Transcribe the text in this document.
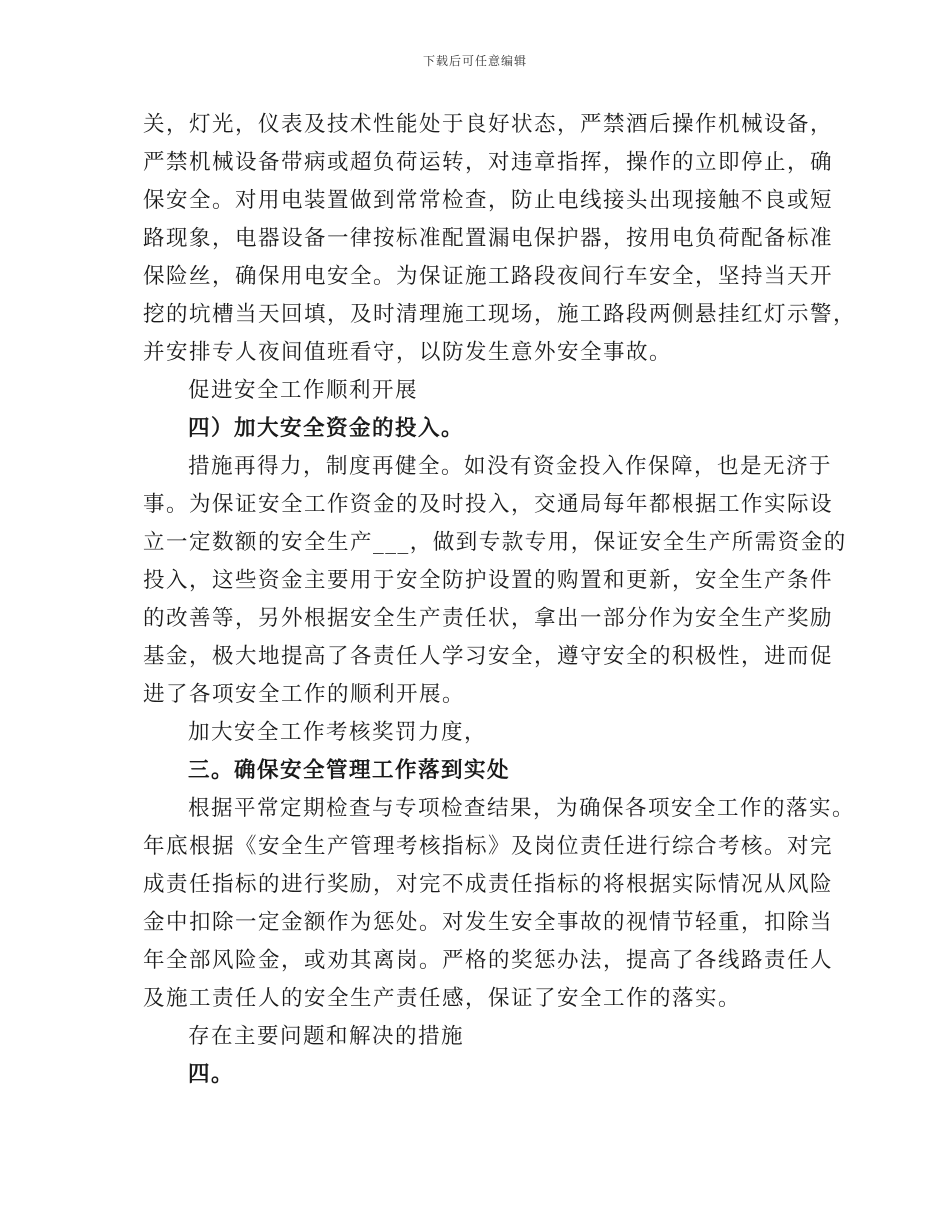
下载后可任意编辑
关，灯光，仪表及技术性能处于良好状态，严禁酒后操作机械设备，
严禁机械设备带病或超负荷运转，对违章指挥，操作的立即停止，确
保安全。对用电装置做到常常检查，防止电线接头出现接触不良或短
路现象，电器设备一律按标准配置漏电保护器，按用电负荷配备标准
保险丝，确保用电安全。为保证施工路段夜间行车安全，坚持当天开
挖的坑槽当天回填，及时清理施工现场，施工路段两侧悬挂红灯示警，
并安排专人夜间值班看守，以防发生意外安全事故。
促进安全工作顺利开展
四）加大安全资金的投入。
措施再得力，制度再健全。如没有资金投入作保障，也是无济于
事。为保证安全工作资金的及时投入，交通局每年都根据工作实际设
立一定数额的安全生产___，做到专款专用，保证安全生产所需资金的
投入，这些资金主要用于安全防护设置的购置和更新，安全生产条件
的改善等，另外根据安全生产责任状，拿出一部分作为安全生产奖励
基金，极大地提高了各责任人学习安全，遵守安全的积极性，进而促
进了各项安全工作的顺利开展。
加大安全工作考核奖罚力度，
三。确保安全管理工作落到实处
根据平常定期检查与专项检查结果，为确保各项安全工作的落实。
年底根据《安全生产管理考核指标》及岗位责任进行综合考核。对完
成责任指标的进行奖励，对完不成责任指标的将根据实际情况从风险
金中扣除一定金额作为惩处。对发生安全事故的视情节轻重，扣除当
年全部风险金，或劝其离岗。严格的奖惩办法，提高了各线路责任人
及施工责任人的安全生产责任感，保证了安全工作的落实。
存在主要问题和解决的措施
四。
